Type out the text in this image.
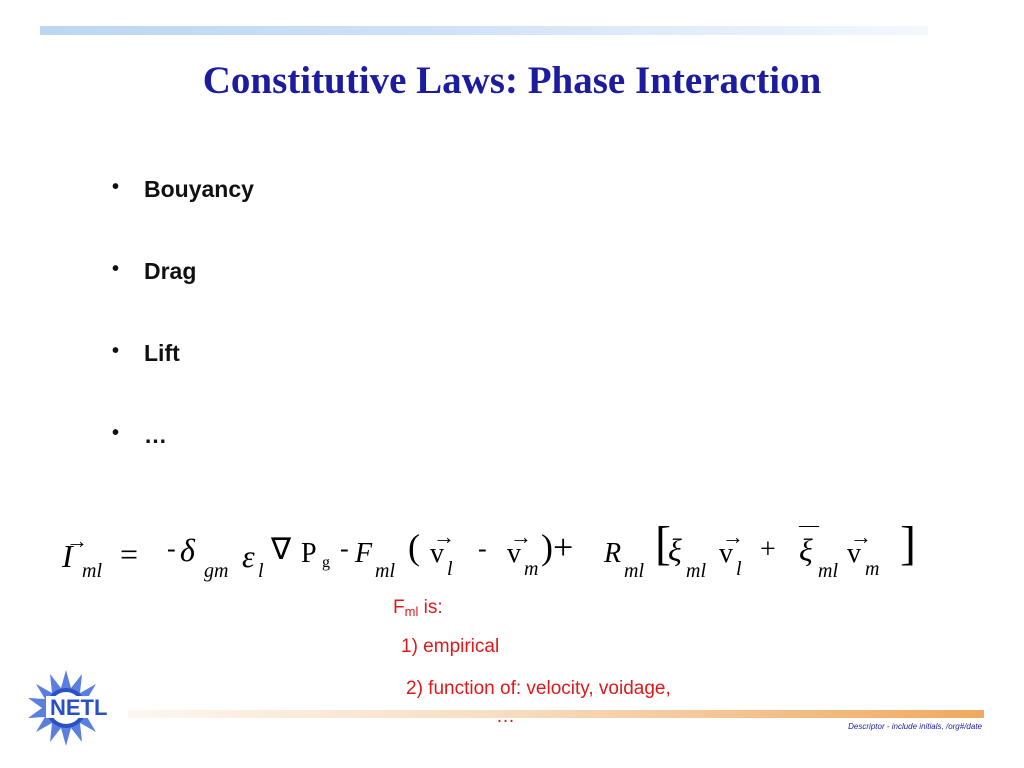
Constitutive Laws: Phase Interaction
• Bouyancy
• Drag
• Lift
• …
→
I ml = - δ
gm ε l
∇ P g - F
ml
( →
v l
- →
v m
)+ R
ml
[
ξ
ml
→
v l
+
—
ξ
ml
→
v m ]
$F_{ml}$ is:
1) empirical
2) function of: velocity, voidage,
Descriptor - include initials, /org#/date
NETL
